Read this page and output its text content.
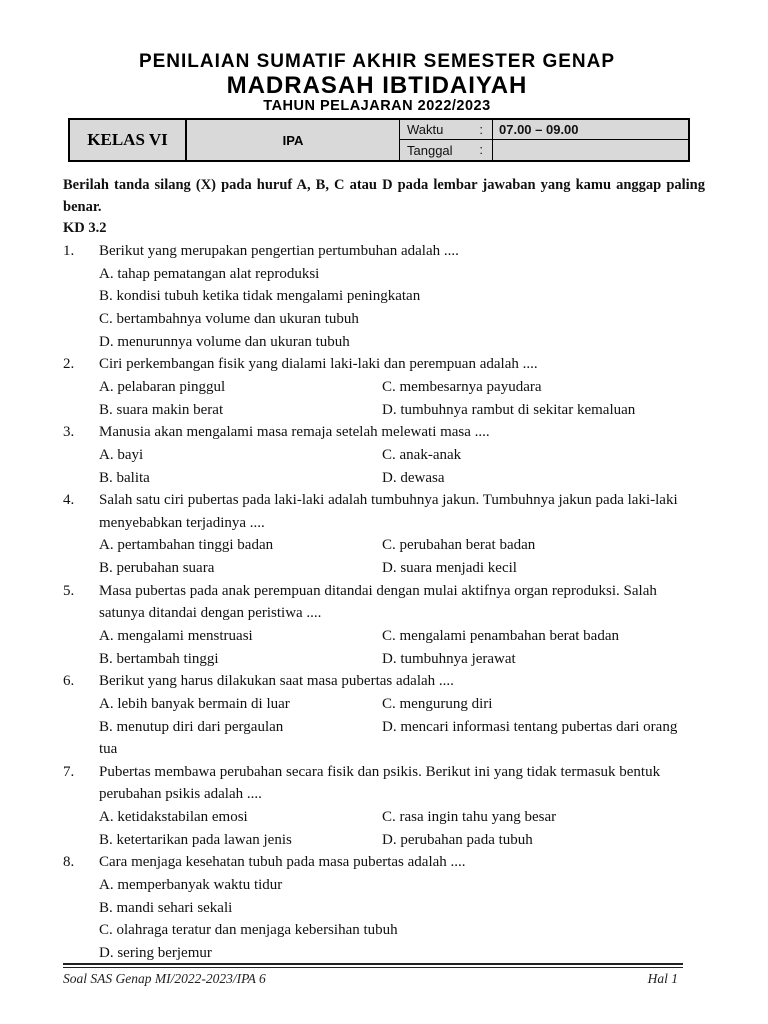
PENILAIAN SUMATIF AKHIR SEMESTER GENAP
MADRASAH IBTIDAIYAH
TAHUN PELAJARAN 2022/2023
KELAS VI	IPA
Waktu	: 07.00 – 09.00
Tanggal :

Berilah tanda silang (X) pada huruf A, B, C atau D pada lembar jawaban yang kamu anggap paling benar.

KD 3.2
1.	Berikut yang merupakan pengertian pertumbuhan adalah ....
A. tahap pematangan alat reproduksi
B. kondisi tubuh ketika tidak mengalami peningkatan
C. bertambahnya volume dan ukuran tubuh
D. menurunnya volume dan ukuran tubuh
2.	Ciri perkembangan fisik yang dialami laki-laki dan perempuan adalah ....
A. pelabaran pinggul	C. membesarnya payudara
B. suara makin berat	D. tumbuhnya rambut di sekitar kemaluan
3.	Manusia akan mengalami masa remaja setelah melewati masa ....
A. bayi	C. anak-anak
B. balita	D. dewasa
4.	Salah satu ciri pubertas pada laki-laki adalah tumbuhnya jakun. Tumbuhnya jakun pada laki-laki menyebabkan terjadinya ....
A. pertambahan tinggi badan	C. perubahan berat badan
B. perubahan suara	D. suara menjadi kecil
5.	Masa pubertas pada anak perempuan ditandai dengan mulai aktifnya organ reproduksi. Salah satunya ditandai dengan peristiwa ....
A. mengalami menstruasi	C. mengalami penambahan berat badan
B. bertambah tinggi	D. tumbuhnya jerawat
6.	Berikut yang harus dilakukan saat masa pubertas adalah ....
A. lebih banyak bermain di luar	C. mengurung diri
B. menutup diri dari pergaulan	D. mencari informasi tentang pubertas dari orang tua
7.	Pubertas membawa perubahan secara fisik dan psikis. Berikut ini yang tidak termasuk bentuk perubahan psikis adalah ....
A. ketidakstabilan emosi	C. rasa ingin tahu yang besar
B. ketertarikan pada lawan jenis	D. perubahan pada tubuh
8.	Cara menjaga kesehatan tubuh pada masa pubertas adalah ....
A. memperbanyak waktu tidur
B. mandi sehari sekali
C. olahraga teratur dan menjaga kebersihan tubuh
D. sering berjemur
Soal SAS Genap MI/2022-2023/IPA 6	Hal 1
